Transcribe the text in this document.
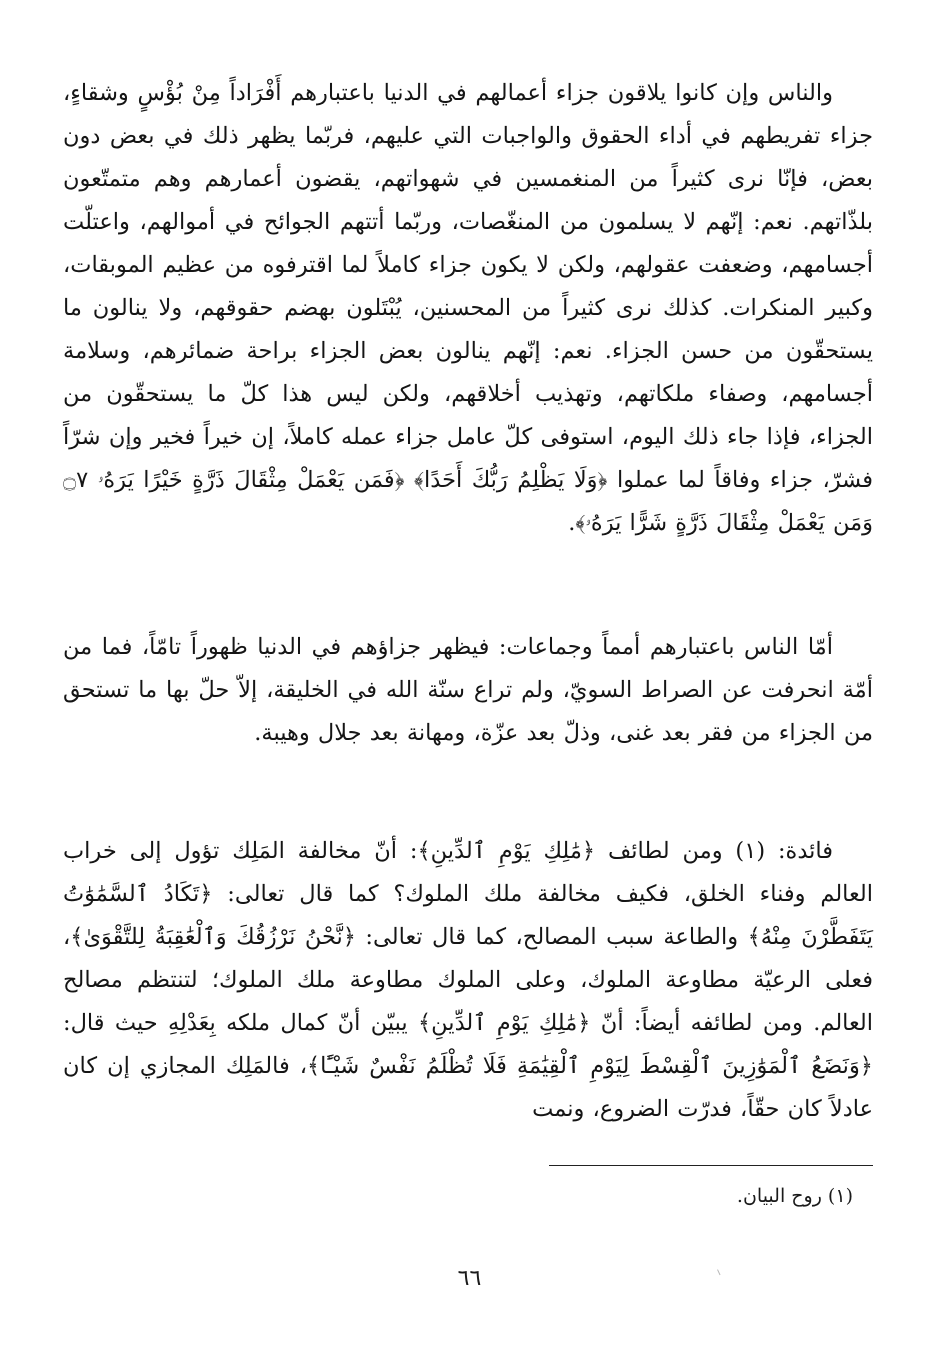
والناس وإن كانوا يلاقون جزاء أعمالهم في الدنيا باعتبارهم أَفْرَاداً مِنْ بُؤْسٍ وشقاءٍ، جزاء تفريطهم في أداء الحقوق والواجبات التي عليهم، فربّما يظهر ذلك في بعض دون بعض، فإنّا نرى كثيراً من المنغمسين في شهواتهم، يقضون أعمارهم وهم متمتّعون بلذّاتهم. نعم: إنّهم لا يسلمون من المنغّصات، وربّما أتتهم الجوائح في أموالهم، واعتلّت أجسامهم، وضعفت عقولهم، ولكن لا يكون جزاء كاملاً لما اقترفوه من عظيم الموبقات، وكبير المنكرات. كذلك نرى كثيراً من المحسنين، يُبْتَلون بهضم حقوقهم، ولا ينالون ما يستحقّون من حسن الجزاء. نعم: إنّهم ينالون بعض الجزاء براحة ضمائرهم، وسلامة أجسامهم، وصفاء ملكاتهم، وتهذيب أخلاقهم، ولكن ليس هذا كلّ ما يستحقّون من الجزاء، فإذا جاء ذلك اليوم، استوفى كلّ عامل جزاء عمله كاملاً، إن خيراً فخير وإن شرّاً فشرّ، جزاء وفاقاً لما عملوا ﴿وَلَا يَظْلِمُ رَبُّكَ أَحَدًا﴾ ﴿فَمَن يَعْمَلْ مِثْقَالَ ذَرَّةٍ خَيْرًا يَرَهُۥ ۝٧ وَمَن يَعْمَلْ مِثْقَالَ ذَرَّةٍ شَرًّا يَرَهُۥ﴾.

أمّا الناس باعتبارهم أمماً وجماعات: فيظهر جزاؤهم في الدنيا ظهوراً تامّاً، فما من أمّة انحرفت عن الصراط السويّ، ولم تراع سنّة الله في الخليقة، إلاّ حلّ بها ما تستحق من الجزاء من فقر بعد غنى، وذلّ بعد عزّة، ومهانة بعد جلال وهيبة.

فائدة: (١) ومن لطائف ﴿مَٰلِكِ يَوْمِ ٱلدِّينِ﴾: أنّ مخالفة المَلِك تؤول إلى خراب العالم وفناء الخلق، فكيف مخالفة ملك الملوك؟ كما قال تعالى: ﴿تَكَادُ ٱلسَّمَٰوَٰتُ يَتَفَطَّرْنَ مِنْهُ﴾ والطاعة سبب المصالح، كما قال تعالى: ﴿نَّحْنُ نَرْزُقُكَ وَٱلْعَٰقِبَةُ لِلتَّقْوَىٰ﴾، فعلى الرعيّة مطاوعة الملوك، وعلى الملوك مطاوعة ملك الملوك؛ لتنتظم مصالح العالم. ومن لطائفه أيضاً: أنّ ﴿مَٰلِكِ يَوْمِ ٱلدِّينِ﴾ يبيّن أنّ كمال ملكه بِعَدْلِهِ حيث قال: ﴿وَنَضَعُ ٱلْمَوَٰزِينَ ٱلْقِسْطَ لِيَوْمِ ٱلْقِيَٰمَةِ فَلَا تُظْلَمُ نَفْسٌ شَيْـًٔا﴾، فالمَلِك المجازي إن كان عادلاً كان حقّاً، فدرّت الضروع، ونمت

(١) روح البيان.
٦٦
